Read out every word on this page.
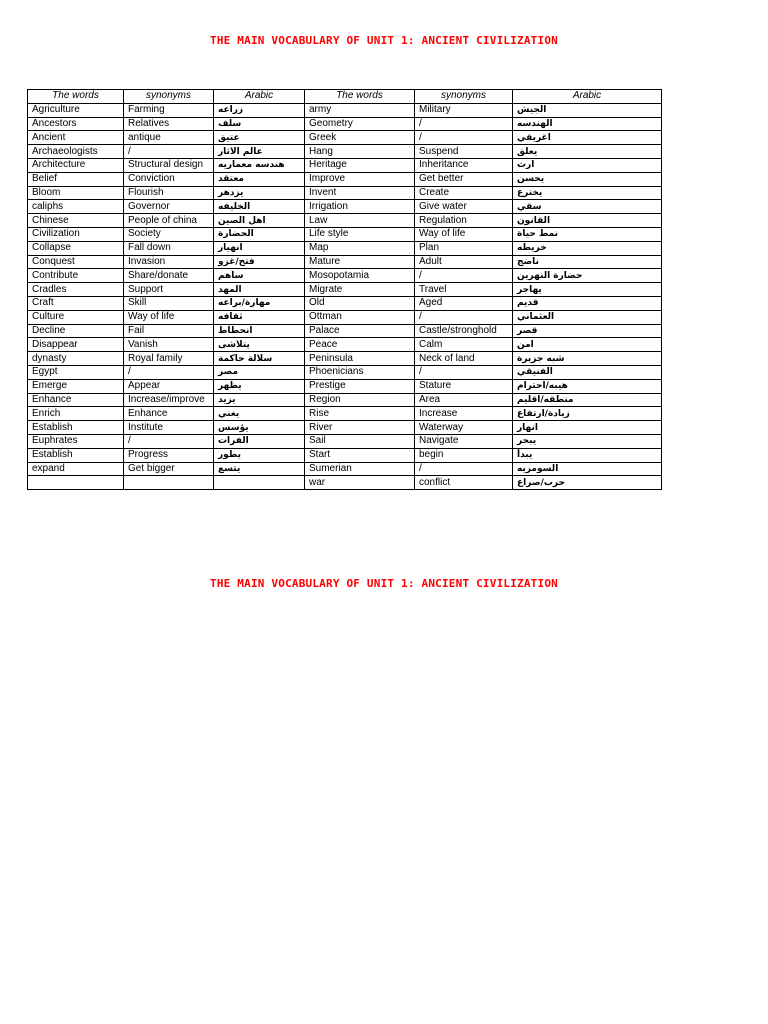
THE MAIN VOCABULARY OF UNIT 1: ANCIENT CIVILIZATION
The words	synonyms	Arabic	The words	synonyms	Arabic
Agriculture	Farming	زراعه	army	Military	الجيش
Ancestors	Relatives	سلف	Geometry	/	الهندسه
Ancient	antique	عتيق	Greek	/	اغريقي
Archaeologists	/	عالم الاثار	Hang	Suspend	يعلق
Architecture	Structural design	هندسه معماريه	Heritage	Inheritance	ارث
Belief	Conviction	معتقد	Improve	Get better	يحسن
Bloom	Flourish	يزدهر	Invent	Create	يخترع
caliphs	Governor	الخليفه	Irrigation	Give water	سقي
Chinese	People of china	اهل الصين	Law	Regulation	القانون
Civilization	Society	الحضارة	Life style	Way of life	نمط حياة
Collapse	Fall down	انهيار	Map	Plan	خريطه
Conquest	Invasion	فتح/غزو	Mature	Adult	ناضج
Contribute	Share/donate	ساهم	Mosopotamia	/	حضارة النهرين
Cradles	Support	المهد	Migrate	Travel	يهاجر
Craft	Skill	مهارة/براعه	Old	Aged	قديم
Culture	Way of life	ثقافه	Ottman	/	العثماني
Decline	Fail	انحطاط	Palace	Castle/stronghold	قصر
Disappear	Vanish	يتلاشى	Peace	Calm	امن
dynasty	Royal family	سلالة حاكمة	Peninsula	Neck of land	شبه جزيرة
Egypt	/	مصر	Phoenicians	/	الفنيقي
Emerge	Appear	يظهر	Prestige	Stature	هيبه/احترام
Enhance	Increase/improve	يزيد	Region	Area	منطقه/اقليم
Enrich	Enhance	يغني	Rise	Increase	زيادة/ارتفاع
Establish	Institute	يؤسس	River	Waterway	انهار
Euphrates	/	الفرات	Sail	Navigate	يبحر
Establish	Progress	يطور	Start	begin	يبدأ
expand	Get bigger	يتسع	Sumerian	/	السومريه
			war	conflict	حرب/صراع
THE MAIN VOCABULARY OF UNIT 1: ANCIENT CIVILIZATION
